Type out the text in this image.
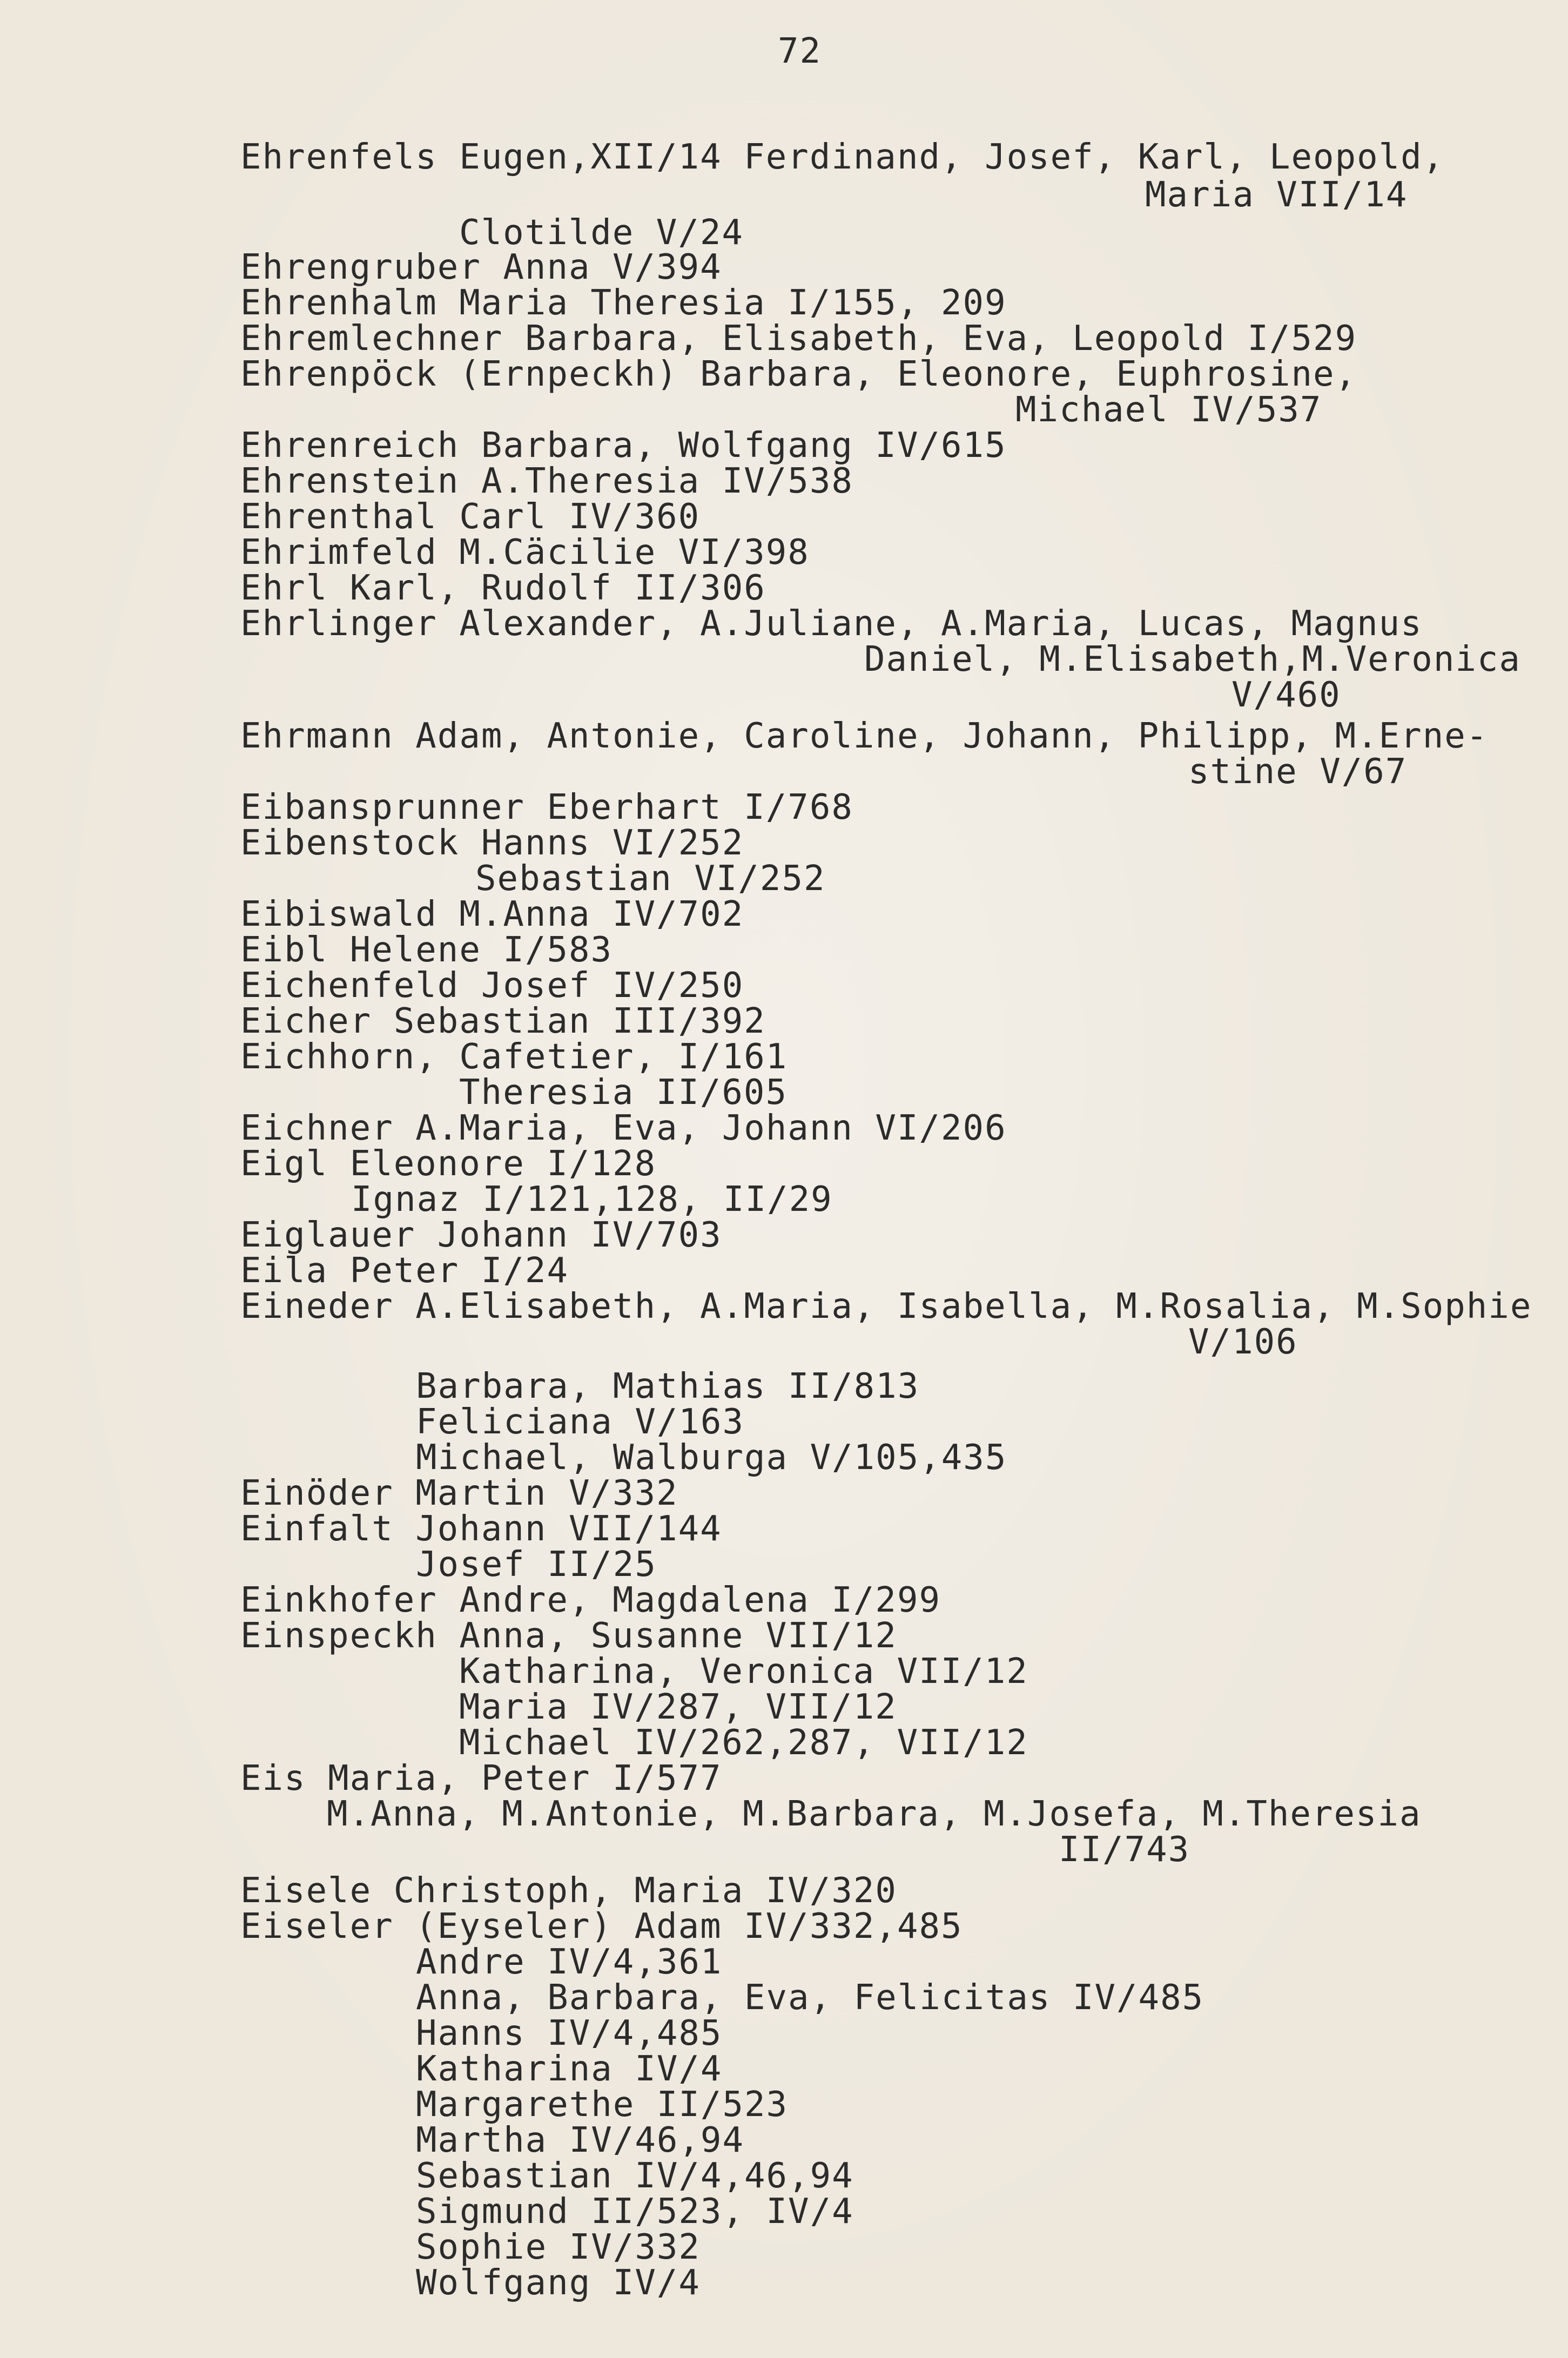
72
Ehrenfels Eugen,XII/14 Ferdinand, Josef, Karl, Leopold,
Maria VII/14
Clotilde V/24
Ehrengruber Anna V/394
Ehrenhalm Maria Theresia I/155, 209
Ehremlechner Barbara, Elisabeth, Eva, Leopold I/529
Ehrenpöck (Ernpeckh) Barbara, Eleonore, Euphrosine,
Michael IV/537
Ehrenreich Barbara, Wolfgang IV/615
Ehrenstein A.Theresia IV/538
Ehrenthal Carl IV/360
Ehrimfeld M.Cäcilie VI/398
Ehrl Karl, Rudolf II/306
Ehrlinger Alexander, A.Juliane, A.Maria, Lucas, Magnus
Daniel, M.Elisabeth,M.Veronica
V/460
Ehrmann Adam, Antonie, Caroline, Johann, Philipp, M.Erne-
stine V/67
Eibansprunner Eberhart I/768
Eibenstock Hanns VI/252
Sebastian VI/252
Eibiswald M.Anna IV/702
Eibl Helene I/583
Eichenfeld Josef IV/250
Eicher Sebastian III/392
Eichhorn, Cafetier, I/161
Theresia II/605
Eichner A.Maria, Eva, Johann VI/206
Eigl Eleonore I/128
Ignaz I/121,128, II/29
Eiglauer Johann IV/703
Eila Peter I/24
Eineder A.Elisabeth, A.Maria, Isabella, M.Rosalia, M.Sophie
V/106
Barbara, Mathias II/813
Feliciana V/163
Michael, Walburga V/105,435
Einöder Martin V/332
Einfalt Johann VII/144
Josef II/25
Einkhofer Andre, Magdalena I/299
Einspeckh Anna, Susanne VII/12
Katharina, Veronica VII/12
Maria IV/287, VII/12
Michael IV/262,287, VII/12
Eis Maria, Peter I/577
M.Anna, M.Antonie, M.Barbara, M.Josefa, M.Theresia
II/743
Eisele Christoph, Maria IV/320
Eiseler (Eyseler) Adam IV/332,485
Andre IV/4,361
Anna, Barbara, Eva, Felicitas IV/485
Hanns IV/4,485
Katharina IV/4
Margarethe II/523
Martha IV/46,94
Sebastian IV/4,46,94
Sigmund II/523, IV/4
Sophie IV/332
Wolfgang IV/4
